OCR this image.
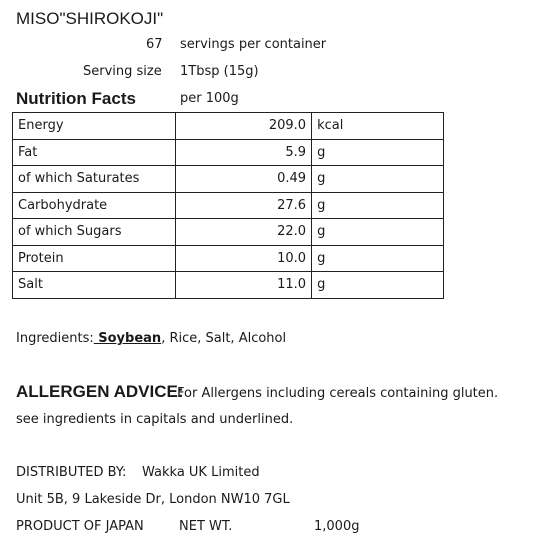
MISO"SHIROKOJI"
67 servings per container
Serving size 1Tbsp (15g)
Nutrition Facts	per 100g
Energy	209.0	kcal
Fat	5.9	g
of which Saturates	0.49	g
Carbohydrate	27.6	g
of which Sugars	22.0	g
Protein	10.0	g
Salt	11.0	g
Ingredients: Soybean, Rice, Salt, Alcohol
ALLERGEN ADVICE:
For Allergens including cereals containing gluten.
see ingredients in capitals and underlined.
DISTRIBUTED BY: Wakka UK Limited
Unit 5B, 9 Lakeside Dr, London NW10 7GL
PRODUCT OF JAPAN	NET WT.	1,000g
